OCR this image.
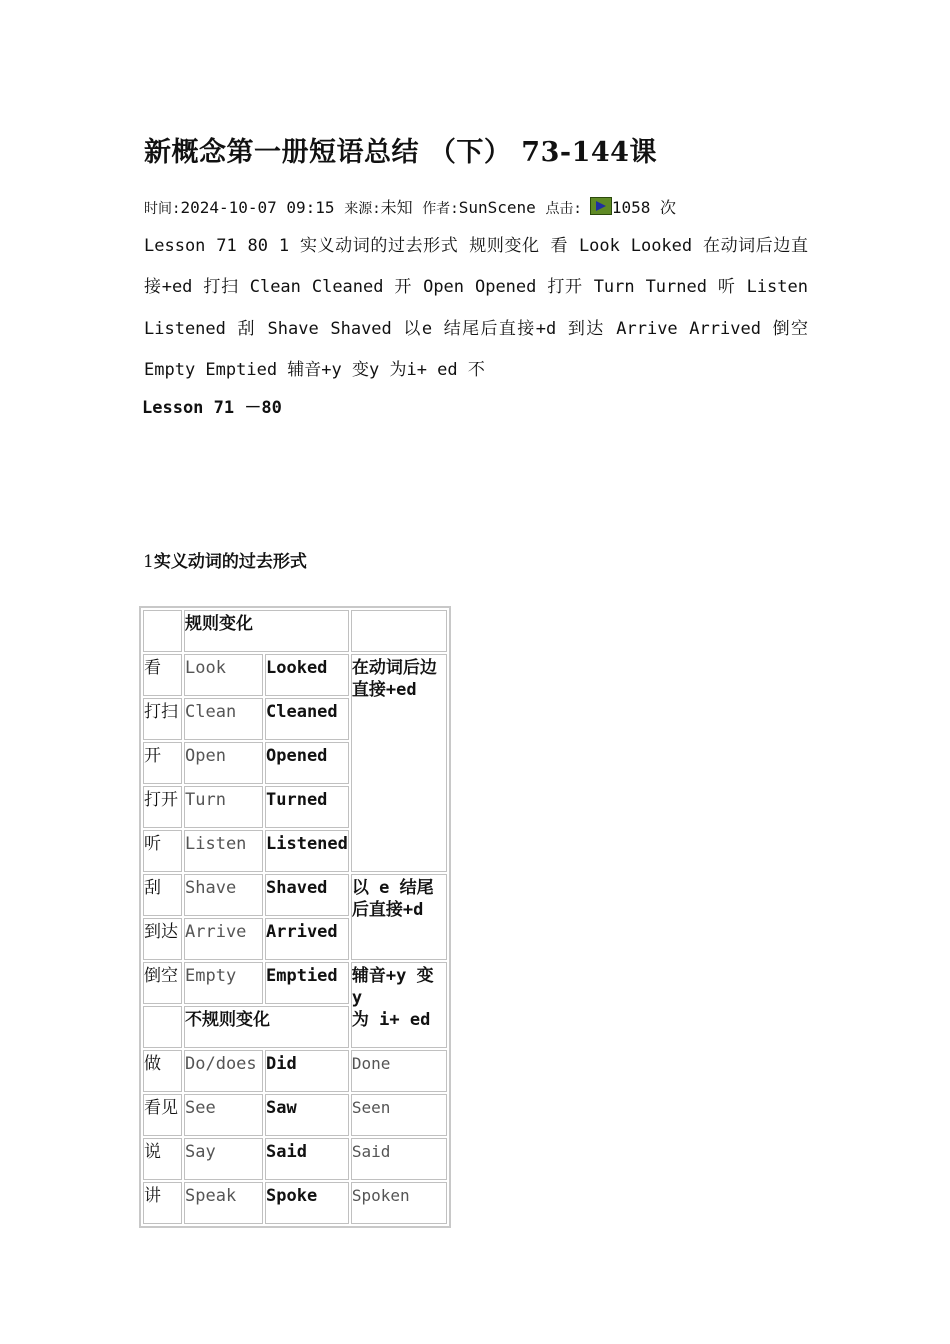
新概念第一册短语总结 （下） 73-144课
时间:2024-10-07 09:15 来源:未知 作者:SunScene 点击: 1058 次

Lesson 71 80 1 实义动词的过去形式 规则变化 看 Look Looked 在动词后边直接+ed 打扫 Clean Cleaned 开 Open Opened 打开 Turn Turned 听 Listen Listened 刮 Shave Shaved 以e 结尾后直接+d 到达 Arrive Arrived 倒空 Empty Emptied 辅音+y 变y 为i+ ed 不

Lesson 71 －80

1实义动词的过去形式

	规则变化		
看	Look	Looked	在动词后边
直接+ed

打扫	Clean	Cleaned	
开	Open	Opened	
打开	Turn	Turned	
听	Listen	Listened	
刮	Shave	Shaved	以 e 结尾
后直接+d

到达	Arrive	Arrived	
倒空	Empty	Emptied	辅音+y 变 y
为 i+ ed

	不规则变化		
做	Do/does	Did	Done
看见	See	Saw	Seen
说	Say	Said	Said
讲	Speak	Spoke	Spoken
